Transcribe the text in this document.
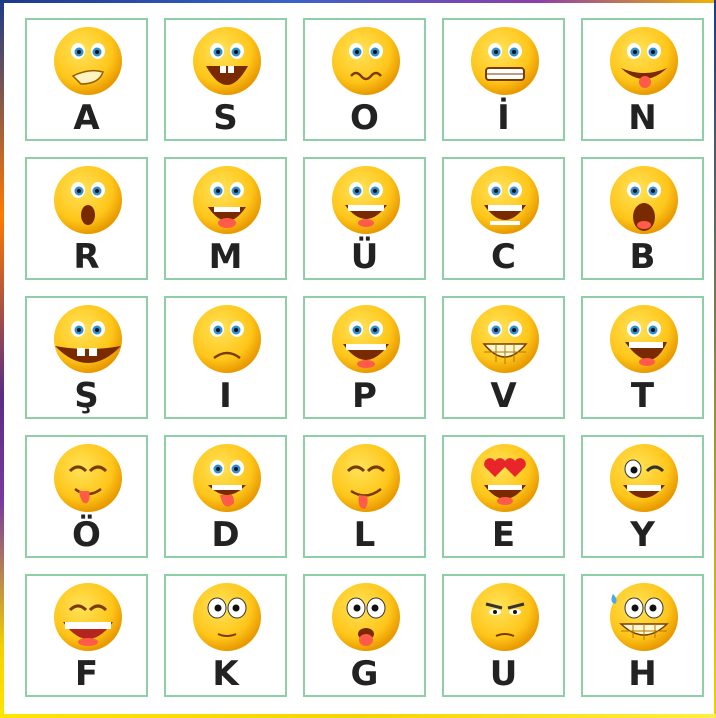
A	S	O	İ	N
R	M	Ü	C	B
Ş	I	P	V	T
Ö	D	L	E	Y
F	K	G	U	H
